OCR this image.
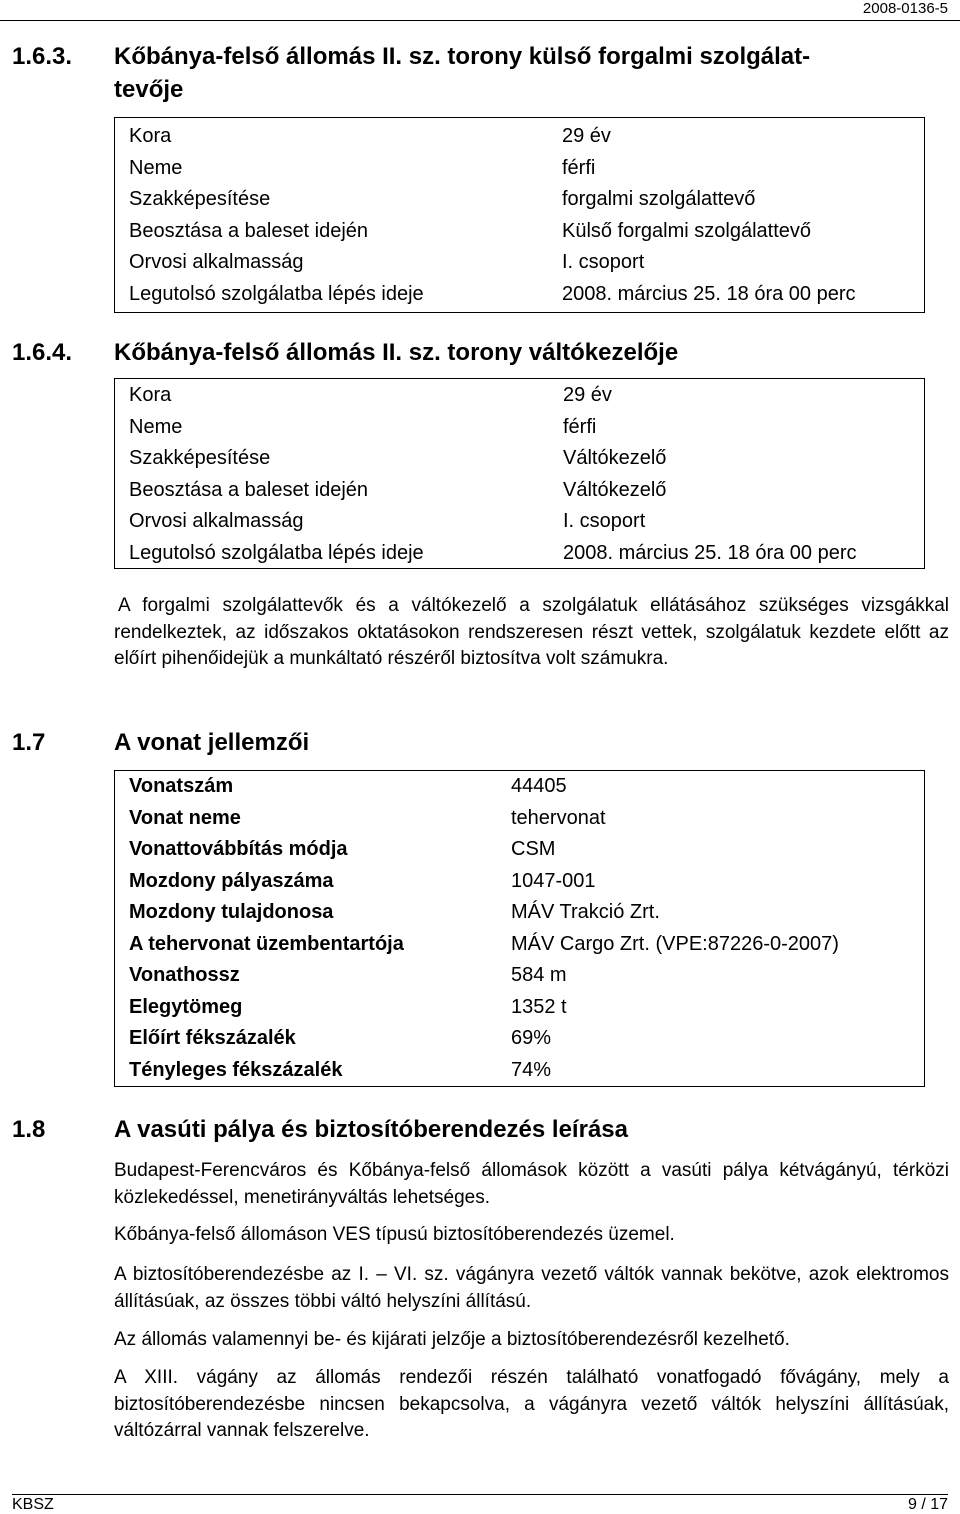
2008-0136-5
1.6.3. Kőbánya-felső állomás II. sz. torony külső forgalmi szolgálat-
tevője
Kora	29 év
Neme	férfi
Szakképesítése	forgalmi szolgálattevő
Beosztása a baleset idején	Külső forgalmi szolgálattevő
Orvosi alkalmasság	I. csoport
Legutolsó szolgálatba lépés ideje	2008. március 25. 18 óra 00 perc
1.6.4. Kőbánya-felső állomás II. sz. torony váltókezelője
Kora	29 év
Neme	férfi
Szakképesítése	Váltókezelő
Beosztása a baleset idején	Váltókezelő
Orvosi alkalmasság	I. csoport
Legutolsó szolgálatba lépés ideje	2008. március 25. 18 óra 00 perc
A forgalmi szolgálattevők és a váltókezelő a szolgálatuk ellátásához szükséges vizsgákkal rendelkeztek, az időszakos oktatásokon rendszeresen részt vettek, szolgálatuk kezdete előtt az előírt pihenőidejük a munkáltató részéről biztosítva volt számukra.
1.7	A vonat jellemzői
Vonatszám	44405
Vonat neme	tehervonat
Vonattovábbítás módja	CSM
Mozdony pályaszáma	1047-001
Mozdony tulajdonosa	MÁV Trakció Zrt.
A tehervonat üzembentartója	MÁV Cargo Zrt. (VPE:87226-0-2007)
Vonathossz	584 m
Elegytömeg	1352 t
Előírt fékszázalék	69%
Tényleges fékszázalék	74%
1.8	A vasúti pálya és biztosítóberendezés leírása
Budapest-Ferencváros és Kőbánya-felső állomások között a vasúti pálya kétvágányú, térközi közlekedéssel, menetirányváltás lehetséges.
Kőbánya-felső állomáson VES típusú biztosítóberendezés üzemel.
A biztosítóberendezésbe az I. – VI. sz. vágányra vezető váltók vannak bekötve, azok elektromos állításúak, az összes többi váltó helyszíni állítású.
Az állomás valamennyi be- és kijárati jelzője a biztosítóberendezésről kezelhető.
A XIII. vágány az állomás rendezői részén található vonatfogadó fővágány, mely a biztosítóberendezésbe nincsen bekapcsolva, a vágányra vezető váltók helyszíni állításúak, váltózárral vannak felszerelve.
KBSZ	9 / 17
